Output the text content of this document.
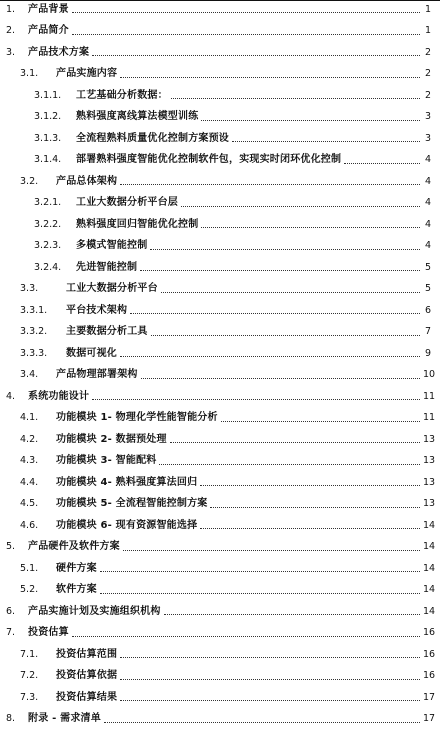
1.	产品背景	1
2.	产品简介	1
3.	产品技术方案	2
3.1.	产品实施内容	2
3.1.1.	工艺基础分析数据：	2
3.1.2.	熟料强度离线算法模型训练	3
3.1.3.	全流程熟料质量优化控制方案预设	3
3.1.4.	部署熟料强度智能优化控制软件包，实现实时闭环优化控制	4
3.2.	产品总体架构	4
3.2.1.	工业大数据分析平台层	4
3.2.2.	熟料强度回归智能优化控制	4
3.2.3.	多模式智能控制	4
3.2.4.	先进智能控制	5
3.3.	工业大数据分析平台	5
3.3.1.	平台技术架构	6
3.3.2.	主要数据分析工具	7
3.3.3.	数据可视化	9
3.4.	产品物理部署架构	10
4.	系统功能设计	11
4.1.	功能模块 1- 物理化学性能智能分析	11
4.2.	功能模块 2- 数据预处理	13
4.3.	功能模块 3- 智能配料	13
4.4.	功能模块 4- 熟料强度算法回归	13
4.5.	功能模块 5- 全流程智能控制方案	13
4.6.	功能模块 6- 现有资源智能选择	14
5.	产品硬件及软件方案	14
5.1.	硬件方案	14
5.2.	软件方案	14
6.	产品实施计划及实施组织机构	14
7.	投资估算	16
7.1.	投资估算范围	16
7.2.	投资估算依据	16
7.3.	投资估算结果	17
8.	附录 - 需求清单	17
